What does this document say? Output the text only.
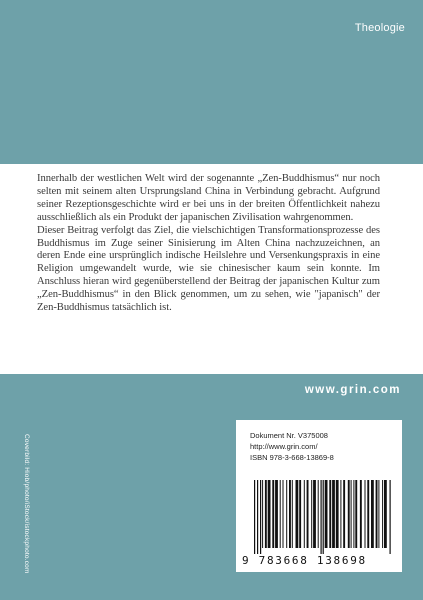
Theologie

Innerhalb der westlichen Welt wird der sogenannte „Zen-Buddhismus“ nur noch selten mit seinem alten Ursprungsland China in Verbindung gebracht. Aufgrund seiner Rezeptionsgeschichte wird er bei uns in der breiten Öffentlichkeit nahezu ausschließlich als ein Produkt der japanischen Zivilisation wahrgenommen.

Dieser Beitrag verfolgt das Ziel, die vielschichtigen Transformationsprozesse des Buddhismus im Zuge seiner Sinisierung im Alten China nachzuzeichnen, an deren Ende eine ursprünglich indische Heilslehre und Versenkungspraxis in eine Religion umgewandelt wurde, wie sie chinesischer kaum sein konnte. Im Anschluss hieran wird gegenüberstellend der Beitrag der japanischen Kultur zum „Zen-Buddhismus“ in den Blick genommen, um zu sehen, wie "japanisch" der Zen-Buddhismus tatsächlich ist.

www.grin.com
Coverbild: Hiob/photo/iStock/istockphoto.com	Dokument Nr. V375008
http://www.grin.com/
ISBN 978-3-668-13869-8
9 783668 138698
